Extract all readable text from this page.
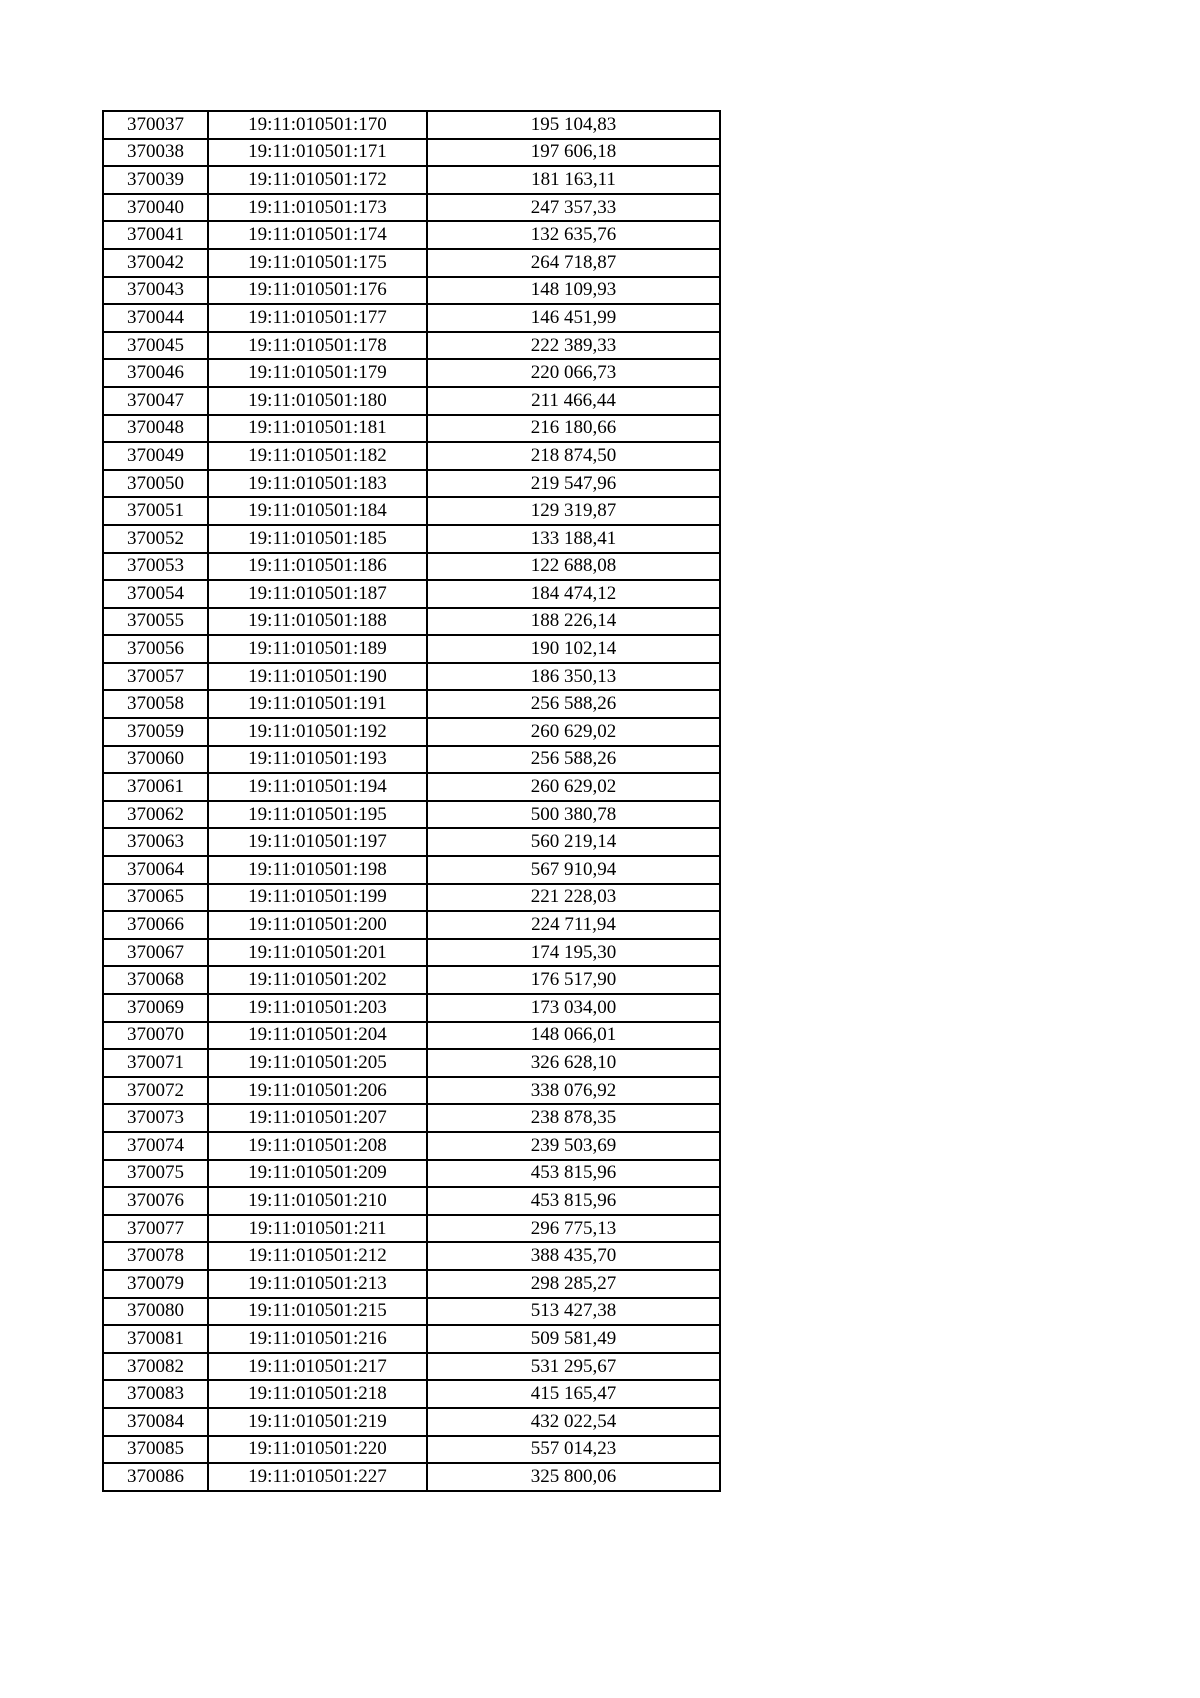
370037	19:11:010501:170	195 104,83
370038	19:11:010501:171	197 606,18
370039	19:11:010501:172	181 163,11
370040	19:11:010501:173	247 357,33
370041	19:11:010501:174	132 635,76
370042	19:11:010501:175	264 718,87
370043	19:11:010501:176	148 109,93
370044	19:11:010501:177	146 451,99
370045	19:11:010501:178	222 389,33
370046	19:11:010501:179	220 066,73
370047	19:11:010501:180	211 466,44
370048	19:11:010501:181	216 180,66
370049	19:11:010501:182	218 874,50
370050	19:11:010501:183	219 547,96
370051	19:11:010501:184	129 319,87
370052	19:11:010501:185	133 188,41
370053	19:11:010501:186	122 688,08
370054	19:11:010501:187	184 474,12
370055	19:11:010501:188	188 226,14
370056	19:11:010501:189	190 102,14
370057	19:11:010501:190	186 350,13
370058	19:11:010501:191	256 588,26
370059	19:11:010501:192	260 629,02
370060	19:11:010501:193	256 588,26
370061	19:11:010501:194	260 629,02
370062	19:11:010501:195	500 380,78
370063	19:11:010501:197	560 219,14
370064	19:11:010501:198	567 910,94
370065	19:11:010501:199	221 228,03
370066	19:11:010501:200	224 711,94
370067	19:11:010501:201	174 195,30
370068	19:11:010501:202	176 517,90
370069	19:11:010501:203	173 034,00
370070	19:11:010501:204	148 066,01
370071	19:11:010501:205	326 628,10
370072	19:11:010501:206	338 076,92
370073	19:11:010501:207	238 878,35
370074	19:11:010501:208	239 503,69
370075	19:11:010501:209	453 815,96
370076	19:11:010501:210	453 815,96
370077	19:11:010501:211	296 775,13
370078	19:11:010501:212	388 435,70
370079	19:11:010501:213	298 285,27
370080	19:11:010501:215	513 427,38
370081	19:11:010501:216	509 581,49
370082	19:11:010501:217	531 295,67
370083	19:11:010501:218	415 165,47
370084	19:11:010501:219	432 022,54
370085	19:11:010501:220	557 014,23
370086	19:11:010501:227	325 800,06
